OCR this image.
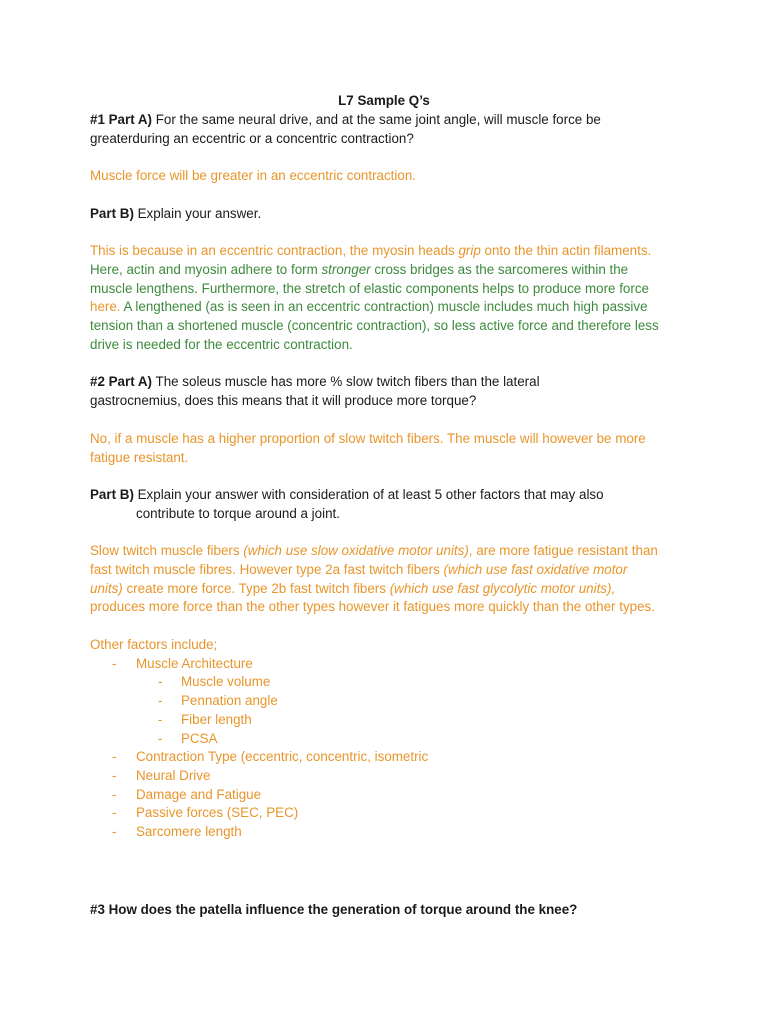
L7 Sample Q’s
#1 Part A) For the same neural drive, and at the same joint angle, will muscle force be
greaterduring an eccentric or a concentric contraction?
Muscle force will be greater in an eccentric contraction.
Part B) Explain your answer.
This is because in an eccentric contraction, the myosin heads grip onto the thin actin filaments.
Here, actin and myosin adhere to form stronger cross bridges as the sarcomeres within the
muscle lengthens. Furthermore, the stretch of elastic components helps to produce more force
here. A lengthened (as is seen in an eccentric contraction) muscle includes much high passive
tension than a shortened muscle (concentric contraction), so less active force and therefore less
drive is needed for the eccentric contraction.
#2 Part A) The soleus muscle has more % slow twitch fibers than the lateral
gastrocnemius, does this means that it will produce more torque?
No, if a muscle has a higher proportion of slow twitch fibers. The muscle will however be more
fatigue resistant.
Part B) Explain your answer with consideration of at least 5 other factors that may also
contribute to torque around a joint.
Slow twitch muscle fibers (which use slow oxidative motor units), are more fatigue resistant than
fast twitch muscle fibres. However type 2a fast twitch fibers (which use fast oxidative motor
units) create more force. Type 2b fast twitch fibers (which use fast glycolytic motor units),
produces more force than the other types however it fatigues more quickly than the other types.
Other factors include;
- Muscle Architecture
- Muscle volume
- Pennation angle
- Fiber length
- PCSA
- Contraction Type (eccentric, concentric, isometric
- Neural Drive
- Damage and Fatigue
- Passive forces (SEC, PEC)
- Sarcomere length
#3 How does the patella influence the generation of torque around the knee?
